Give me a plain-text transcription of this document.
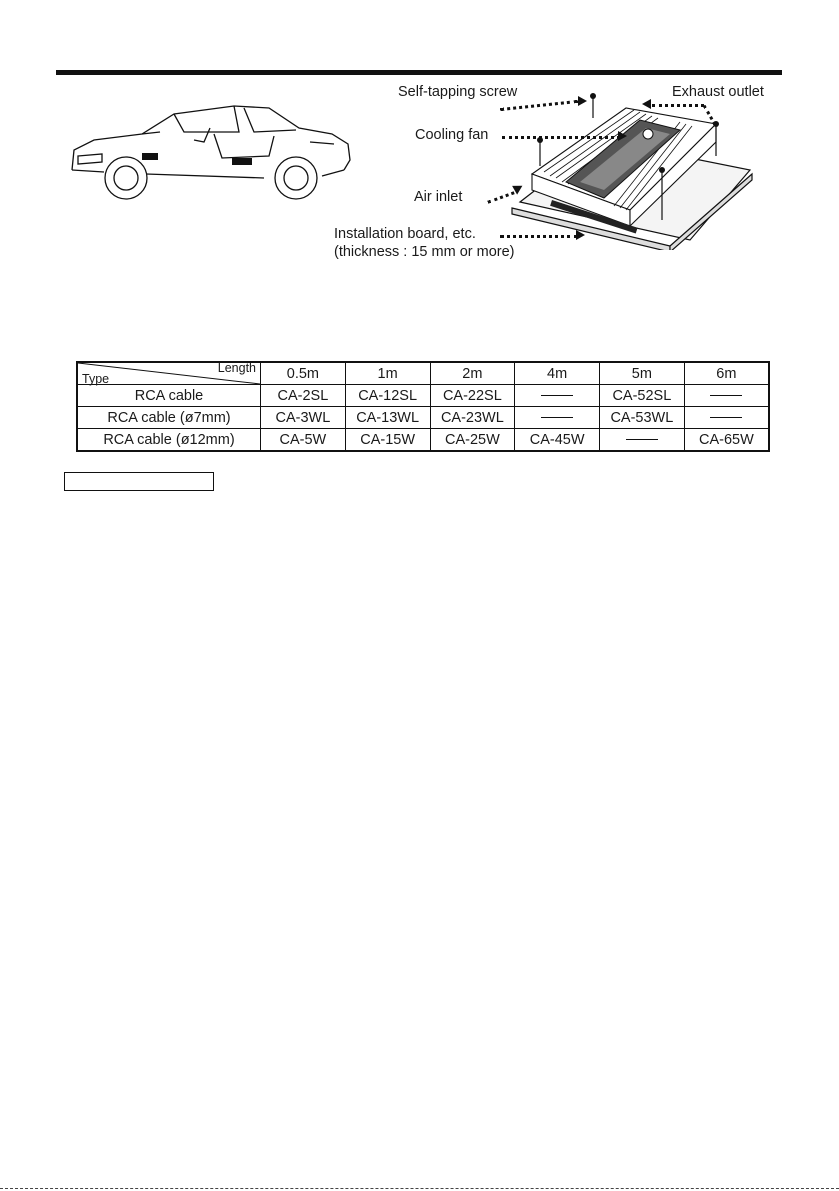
Self-tapping screw	Exhaust outlet
Cooling fan
Air inlet
Installation board, etc.
(thickness : 15 mm or more)
Length
Type	0.5m	1m	2m	4m	5m	6m
RCA cable	CA-2SL	CA-12SL	CA-22SL		CA-52SL	
RCA cable (ø7mm)	CA-3WL	CA-13WL	CA-23WL		CA-53WL	
RCA cable (ø12mm)	CA-5W	CA-15W	CA-25W	CA-45W		CA-65W
